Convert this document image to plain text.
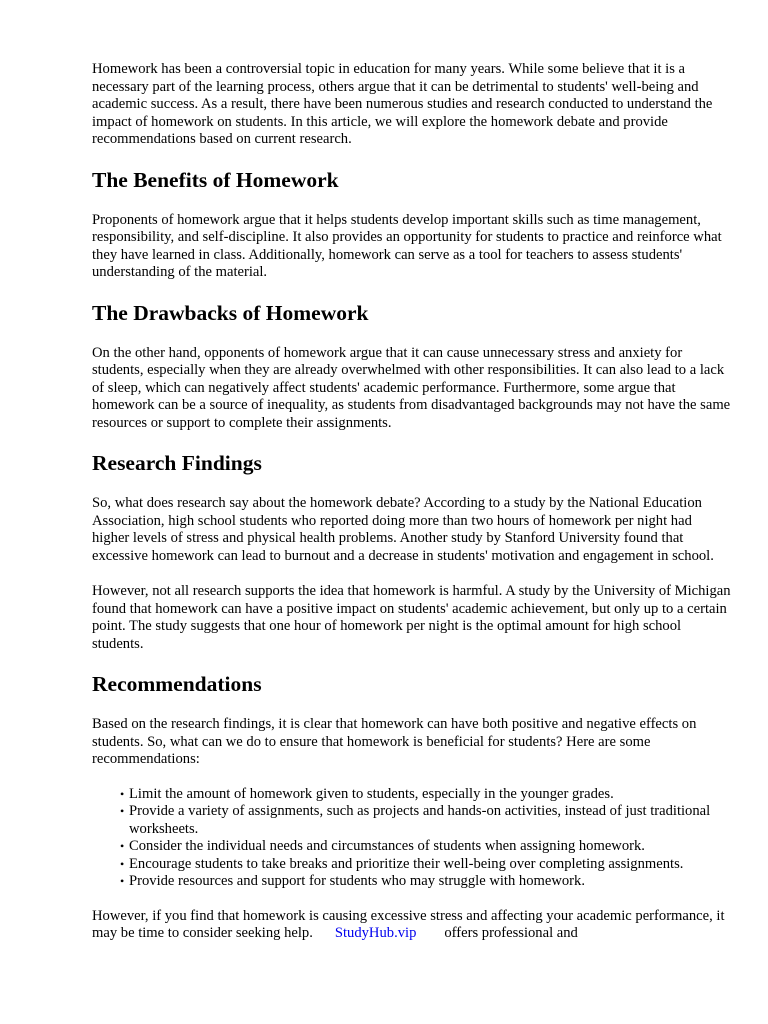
Homework has been a controversial topic in education for many years. While some believe that it is a necessary part of the learning process, others argue that it can be detrimental to students' well-being and academic success. As a result, there have been numerous studies and research conducted to understand the impact of homework on students. In this article, we will explore the homework debate and provide recommendations based on current research.

The Benefits of Homework

Proponents of homework argue that it helps students develop important skills such as time management, responsibility, and self-discipline. It also provides an opportunity for students to practice and reinforce what they have learned in class. Additionally, homework can serve as a tool for teachers to assess students' understanding of the material.

The Drawbacks of Homework

On the other hand, opponents of homework argue that it can cause unnecessary stress and anxiety for students, especially when they are already overwhelmed with other responsibilities. It can also lead to a lack of sleep, which can negatively affect students' academic performance. Furthermore, some argue that homework can be a source of inequality, as students from disadvantaged backgrounds may not have the same resources or support to complete their assignments.

Research Findings

So, what does research say about the homework debate? According to a study by the National Education Association, high school students who reported doing more than two hours of homework per night had higher levels of stress and physical health problems. Another study by Stanford University found that excessive homework can lead to burnout and a decrease in students' motivation and engagement in school.

However, not all research supports the idea that homework is harmful. A study by the University of Michigan found that homework can have a positive impact on students' academic achievement, but only up to a certain point. The study suggests that one hour of homework per night is the optimal amount for high school students.

Recommendations

Based on the research findings, it is clear that homework can have both positive and negative effects on students. So, what can we do to ensure that homework is beneficial for students? Here are some recommendations:

• Limit the amount of homework given to students, especially in the younger grades.
• Provide a variety of assignments, such as projects and hands-on activities, instead of just traditional worksheets.
• Consider the individual needs and circumstances of students when assigning homework.
• Encourage students to take breaks and prioritize their well-being over completing assignments.
• Provide resources and support for students who may struggle with homework.

However, if you find that homework is causing excessive stress and affecting your academic performance, it may be time to consider seeking help. StudyHub.vip offers professional and
